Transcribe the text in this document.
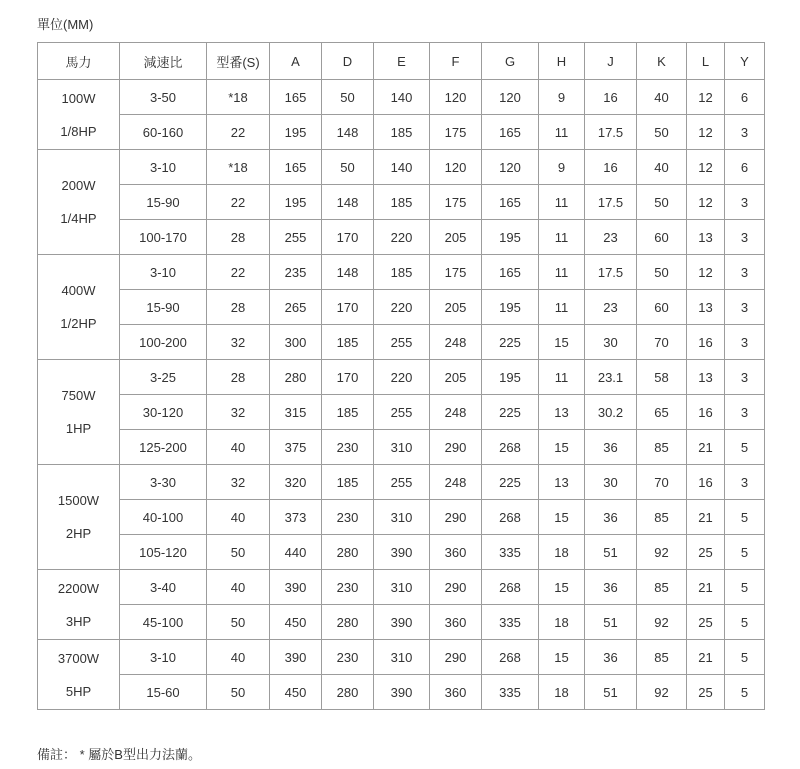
單位(MM)
馬力	減速比	型番(S)	A	D	E	F	G	H	J	K	L	Y

100W
1/8HP	3-50	*18	165	50	140	120	120	9	16	40	12	6
	60-160	22	195	148	185	175	165	11	17.5	50	12	3

200W
1/4HP	3-10	*18	165	50	140	120	120	9	16	40	12	6
	15-90	22	195	148	185	175	165	11	17.5	50	12	3
	100-170	28	255	170	220	205	195	11	23	60	13	3

400W
1/2HP	3-10	22	235	148	185	175	165	11	17.5	50	12	3
	15-90	28	265	170	220	205	195	11	23	60	13	3
	100-200	32	300	185	255	248	225	15	30	70	16	3

750W
1HP	3-25	28	280	170	220	205	195	11	23.1	58	13	3
	30-120	32	315	185	255	248	225	13	30.2	65	16	3
	125-200	40	375	230	310	290	268	15	36	85	21	5

1500W
2HP	3-30	32	320	185	255	248	225	13	30	70	16	3
	40-100	40	373	230	310	290	268	15	36	85	21	5
	105-120	50	440	280	390	360	335	18	51	92	25	5

2200W
3HP	3-40	40	390	230	310	290	268	15	36	85	21	5
	45-100	50	450	280	390	360	335	18	51	92	25	5

3700W
5HP	3-10	40	390	230	310	290	268	15	36	85	21	5
	15-60	50	450	280	390	360	335	18	51	92	25	5
備註： * 屬於B型出力法蘭。
